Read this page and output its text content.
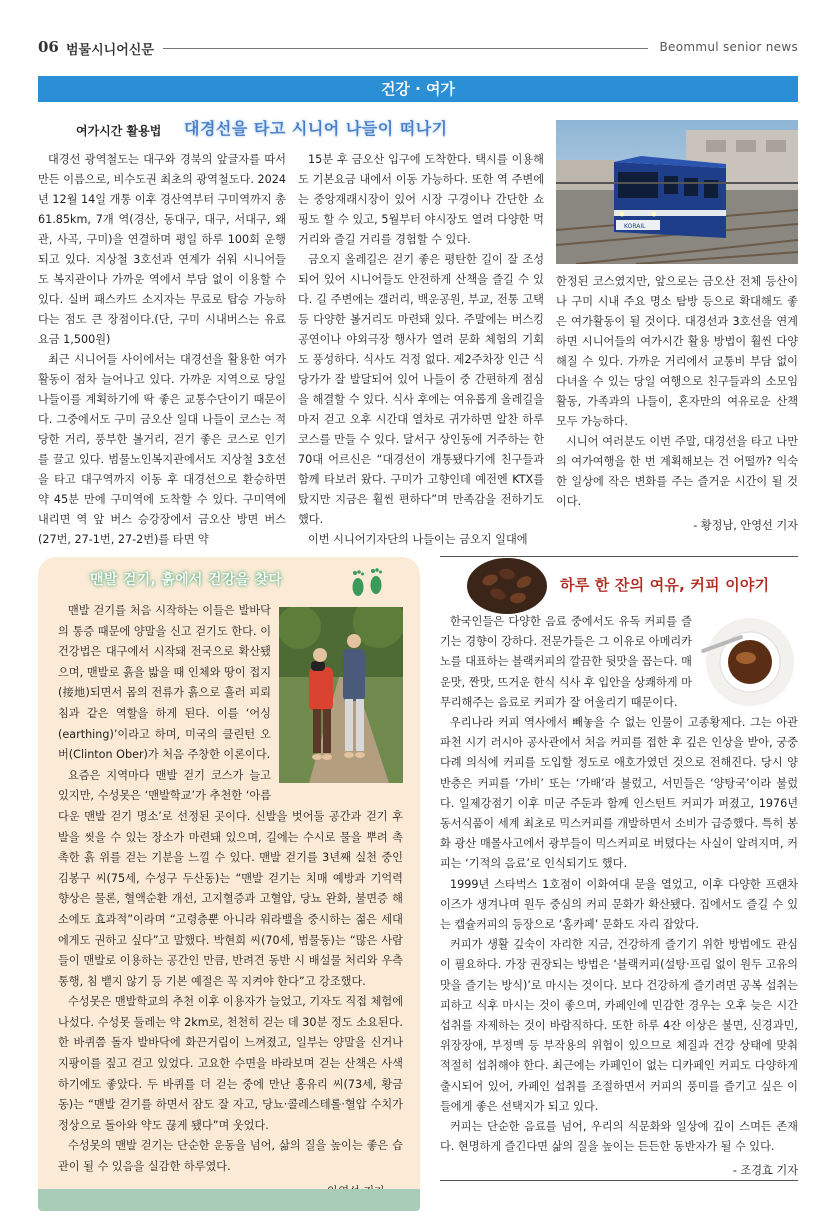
06 범물시니어신문	Beommul senior news
건강 · 여가
여가시간 활용법 대경선을 타고 시니어 나들이 떠나기

대경선 광역철도는 대구와 경북의 앞글자를 따서 만든 이름으로, 비수도권 최초의 광역철도다. 2024년 12월 14일 개통 이후 경산역부터 구미역까지 총 61.85km, 7개 역(경산, 동대구, 대구, 서대구, 왜관, 사곡, 구미)을 연결하며 평일 하루 100회 운행되고 있다. 지상철 3호선과 연계가 쉬워 시니어들도 복지관이나 가까운 역에서 부담 없이 이용할 수 있다. 실버 패스카드 소지자는 무료로 탑승 가능하다는 점도 큰 장점이다.(단, 구미 시내버스는 유료 요금 1,500원)

최근 시니어들 사이에서는 대경선을 활용한 여가활동이 점차 늘어나고 있다. 가까운 지역으로 당일 나들이를 계획하기에 딱 좋은 교통수단이기 때문이다. 그중에서도 구미 금오산 일대 나들이 코스는 적당한 거리, 풍부한 볼거리, 걷기 좋은 코스로 인기를 끌고 있다. 범물노인복지관에서도 지상철 3호선을 타고 대구역까지 이동 후 대경선으로 환승하면 약 45분 만에 구미역에 도착할 수 있다. 구미역에 내리면 역 앞 버스 승강장에서 금오산 방면 버스(27번, 27-1번, 27-2번)를 타면 약

15분 후 금오산 입구에 도착한다. 택시를 이용해도 기본요금 내에서 이동 가능하다. 또한 역 주변에는 중앙재래시장이 있어 시장 구경이나 간단한 쇼핑도 할 수 있고, 5월부터 야시장도 열려 다양한 먹거리와 즐길 거리를 경험할 수 있다.

금오지 올레길은 걷기 좋은 평탄한 길이 잘 조성되어 있어 시니어들도 안전하게 산책을 즐길 수 있다. 길 주변에는 갤러리, 백운공원, 부교, 전통 고택 등 다양한 볼거리도 마련돼 있다. 주말에는 버스킹 공연이나 야외극장 행사가 열려 문화 체험의 기회도 풍성하다. 식사도 걱정 없다. 제2주차장 인근 식당가가 잘 발달되어 있어 나들이 중 간편하게 점심을 해결할 수 있다. 식사 후에는 여유롭게 올레길을 마저 걷고 오후 시간대 열차로 귀가하면 알찬 하루 코스를 만들 수 있다. 달서구 상인동에 거주하는 한 70대 어르신은 “대경선이 개통됐다기에 친구들과 함께 타보러 왔다. 구미가 고향인데 예전엔 KTX를 탔지만 지금은 훨씬 편하다”며 만족감을 전하기도 했다.

이번 시니어기자단의 나들이는 금오지 일대에

KORAIL

한정된 코스였지만, 앞으로는 금오산 전체 등산이나 구미 시내 주요 명소 탐방 등으로 확대해도 좋은 여가활동이 될 것이다. 대경선과 3호선을 연계하면 시니어들의 여가시간 활용 방법이 훨씬 다양해질 수 있다. 가까운 거리에서 교통비 부담 없이 다녀올 수 있는 당일 여행으로 친구들과의 소모임 활동, 가족과의 나들이, 혼자만의 여유로운 산책 모두 가능하다.

시니어 여러분도 이번 주말, 대경선을 타고 나만의 여가여행을 한 번 계획해보는 건 어떨까? 익숙한 일상에 작은 변화를 주는 즐거운 시간이 될 것이다.

- 황정남, 안영선 기자
맨발 걷기, 흙에서 건강을 찾다

맨발 걷기를 처음 시작하는 이들은 발바닥의 통증 때문에 양말을 신고 걷기도 한다. 이 건강법은 대구에서 시작돼 전국으로 확산됐으며, 맨발로 흙을 밟을 때 인체와 땅이 접지(接地)되면서 몸의 전류가 흙으로 흘러 피뢰침과 같은 역할을 하게 된다. 이를 ‘어싱(earthing)’이라고 하며, 미국의 클린턴 오버(Clinton Ober)가 처음 주창한 이론이다.

요즘은 지역마다 맨발 걷기 코스가 늘고 있지만, 수성못은 ‘맨발학교’가 추천한 ‘아름다운 맨발 걷기 명소’로 선정된 곳이다. 신발을 벗어둘 공간과 걷기 후 발을 씻을 수 있는 장소가 마련돼 있으며, 길에는 수시로 물을 뿌려 촉촉한 흙 위를 걷는 기분을 느낄 수 있다. 맨발 걷기를 3년째 실천 중인 김봉구 씨(75세, 수성구 두산동)는 “맨발 걷기는 치매 예방과 기억력 향상은 물론, 혈액순환 개선, 고지혈증과 고혈압, 당뇨 완화, 불면증 해소에도 효과적”이라며 “고령층뿐 아니라 워라밸을 중시하는 젊은 세대에게도 권하고 싶다”고 말했다. 박현희 씨(70세, 범물동)는 “많은 사람들이 맨발로 이용하는 공간인 만큼, 반려견 동반 시 배설물 처리와 우측통행, 침 뱉지 않기 등 기본 예절은 꼭 지켜야 한다”고 강조했다.

수성못은 맨발학교의 추천 이후 이용자가 늘었고, 기자도 직접 체험에 나섰다. 수성못 둘레는 약 2km로, 천천히 걷는 데 30분 정도 소요된다. 한 바퀴쯤 돌자 발바닥에 화끈거림이 느껴졌고, 일부는 양말을 신거나 지팡이를 짚고 걷고 있었다. 고요한 수면을 바라보며 걷는 산책은 사색하기에도 좋았다. 두 바퀴를 더 걷는 중에 만난 홍유리 씨(73세, 황금동)는 “맨발 걷기를 하면서 잠도 잘 자고, 당뇨·콜레스테롤·혈압 수치가 정상으로 돌아와 약도 끊게 됐다”며 웃었다.

수성못의 맨발 걷기는 단순한 운동을 넘어, 삶의 질을 높이는 좋은 습관이 될 수 있음을 실감한 하루였다.

하루 한 잔의 여유, 커피 이야기

한국인들은 다양한 음료 중에서도 유독 커피를 즐기는 경향이 강하다. 전문가들은 그 이유로 아메리카노를 대표하는 블랙커피의 깔끔한 뒷맛을 꼽는다. 매운맛, 짠맛, 뜨거운 한식 식사 후 입안을 상쾌하게 마무리해주는 음료로 커피가 잘 어울리기 때문이다.

우리나라 커피 역사에서 빼놓을 수 없는 인물이 고종황제다. 그는 아관파천 시기 러시아 공사관에서 처음 커피를 접한 후 깊은 인상을 받아, 궁중 다례 의식에 커피를 도입할 정도로 애호가였던 것으로 전해진다. 당시 양반층은 커피를 ‘가비’ 또는 ‘가배’라 불렀고, 서민들은 ‘양탕국’이라 불렀다. 일제강점기 이후 미군 주둔과 함께 인스턴트 커피가 퍼졌고, 1976년 동서식품이 세계 최초로 믹스커피를 개발하면서 소비가 급증했다. 특히 봉화 광산 매몰사고에서 광부들이 믹스커피로 버텼다는 사실이 알려지며, 커피는 ‘기적의 음료’로 인식되기도 했다.

1999년 스타벅스 1호점이 이화여대 문을 열었고, 이후 다양한 프랜차이즈가 생겨나며 원두 중심의 커피 문화가 확산됐다. 집에서도 즐길 수 있는 캡슐커피의 등장으로 ‘홈카페’ 문화도 자리 잡았다.

커피가 생활 깊숙이 자리한 지금, 건강하게 즐기기 위한 방법에도 관심이 필요하다. 가장 권장되는 방법은 ‘블랙커피(설탕·프림 없이 원두 고유의 맛을 즐기는 방식)’로 마시는 것이다. 보다 건강하게 즐기려면 공복 섭취는 피하고 식후 마시는 것이 좋으며, 카페인에 민감한 경우는 오후 늦은 시간 섭취를 자제하는 것이 바람직하다. 또한 하루 4잔 이상은 불면, 신경과민, 위장장애, 부정맥 등 부작용의 위험이 있으므로 체질과 건강 상태에 맞춰 적절히 섭취해야 한다. 최근에는 카페인이 없는 디카페인 커피도 다양하게 출시되어 있어, 카페인 섭취를 조절하면서 커피의 풍미를 즐기고 싶은 이들에게 좋은 선택지가 되고 있다.

커피는 단순한 음료를 넘어, 우리의 식문화와 일상에 깊이 스며든 존재다. 현명하게 즐긴다면 삶의 질을 높이는 든든한 동반자가 될 수 있다.

- 조경효 기자
